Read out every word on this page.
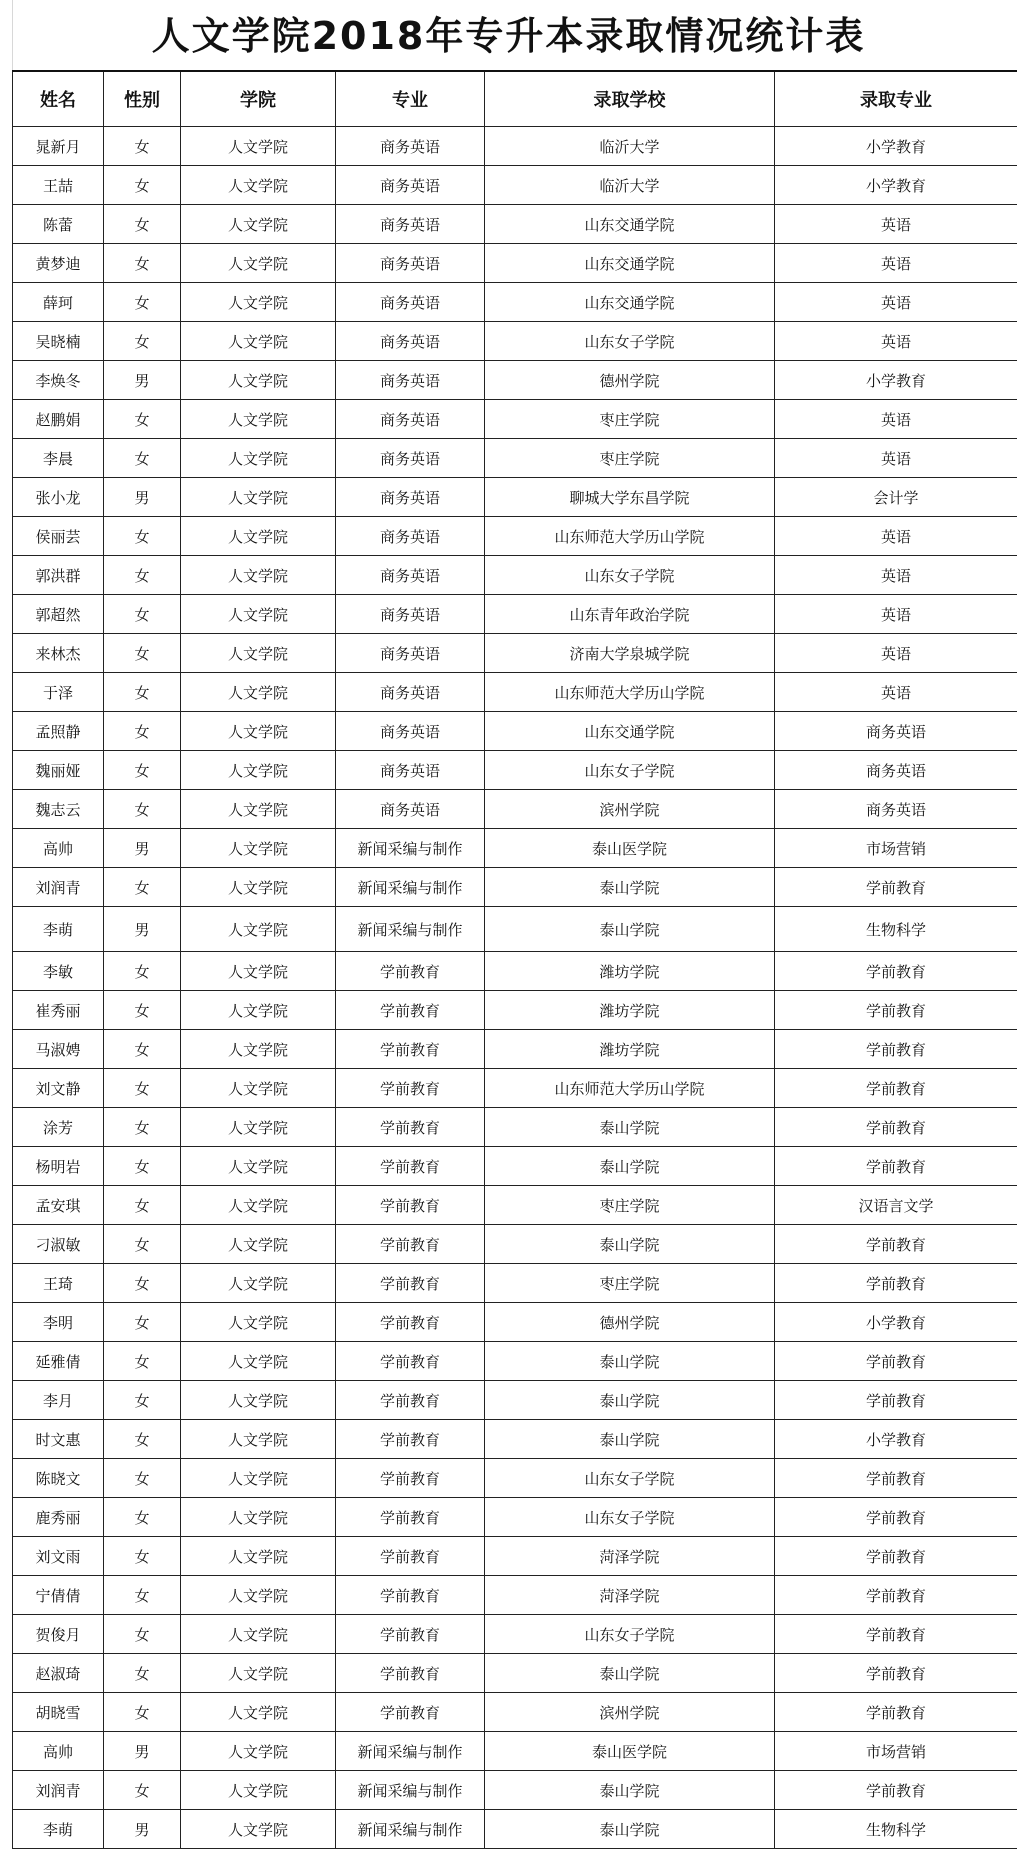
人文学院2018年专升本录取情况统计表
姓名	性别	学院	专业	录取学校	录取专业
晁新月	女	人文学院	商务英语	临沂大学	小学教育
王喆	女	人文学院	商务英语	临沂大学	小学教育
陈蕾	女	人文学院	商务英语	山东交通学院	英语
黄梦迪	女	人文学院	商务英语	山东交通学院	英语
薛珂	女	人文学院	商务英语	山东交通学院	英语
吴晓楠	女	人文学院	商务英语	山东女子学院	英语
李焕冬	男	人文学院	商务英语	德州学院	小学教育
赵鹏娟	女	人文学院	商务英语	枣庄学院	英语
李晨	女	人文学院	商务英语	枣庄学院	英语
张小龙	男	人文学院	商务英语	聊城大学东昌学院	会计学
侯丽芸	女	人文学院	商务英语	山东师范大学历山学院	英语
郭洪群	女	人文学院	商务英语	山东女子学院	英语
郭超然	女	人文学院	商务英语	山东青年政治学院	英语
来林杰	女	人文学院	商务英语	济南大学泉城学院	英语
于泽	女	人文学院	商务英语	山东师范大学历山学院	英语
孟照静	女	人文学院	商务英语	山东交通学院	商务英语
魏丽娅	女	人文学院	商务英语	山东女子学院	商务英语
魏志云	女	人文学院	商务英语	滨州学院	商务英语
高帅	男	人文学院	新闻采编与制作	泰山医学院	市场营销
刘润青	女	人文学院	新闻采编与制作	泰山学院	学前教育
李萌	男	人文学院	新闻采编与制作	泰山学院	生物科学
李敏	女	人文学院	学前教育	潍坊学院	学前教育
崔秀丽	女	人文学院	学前教育	潍坊学院	学前教育
马淑娉	女	人文学院	学前教育	潍坊学院	学前教育
刘文静	女	人文学院	学前教育	山东师范大学历山学院	学前教育
涂芳	女	人文学院	学前教育	泰山学院	学前教育
杨明岩	女	人文学院	学前教育	泰山学院	学前教育
孟安琪	女	人文学院	学前教育	枣庄学院	汉语言文学
刁淑敏	女	人文学院	学前教育	泰山学院	学前教育
王琦	女	人文学院	学前教育	枣庄学院	学前教育
李明	女	人文学院	学前教育	德州学院	小学教育
延雅倩	女	人文学院	学前教育	泰山学院	学前教育
李月	女	人文学院	学前教育	泰山学院	学前教育
时文惠	女	人文学院	学前教育	泰山学院	小学教育
陈晓文	女	人文学院	学前教育	山东女子学院	学前教育
鹿秀丽	女	人文学院	学前教育	山东女子学院	学前教育
刘文雨	女	人文学院	学前教育	菏泽学院	学前教育
宁倩倩	女	人文学院	学前教育	菏泽学院	学前教育
贺俊月	女	人文学院	学前教育	山东女子学院	学前教育
赵淑琦	女	人文学院	学前教育	泰山学院	学前教育
胡晓雪	女	人文学院	学前教育	滨州学院	学前教育
高帅	男	人文学院	新闻采编与制作	泰山医学院	市场营销
刘润青	女	人文学院	新闻采编与制作	泰山学院	学前教育
李萌	男	人文学院	新闻采编与制作	泰山学院	生物科学
